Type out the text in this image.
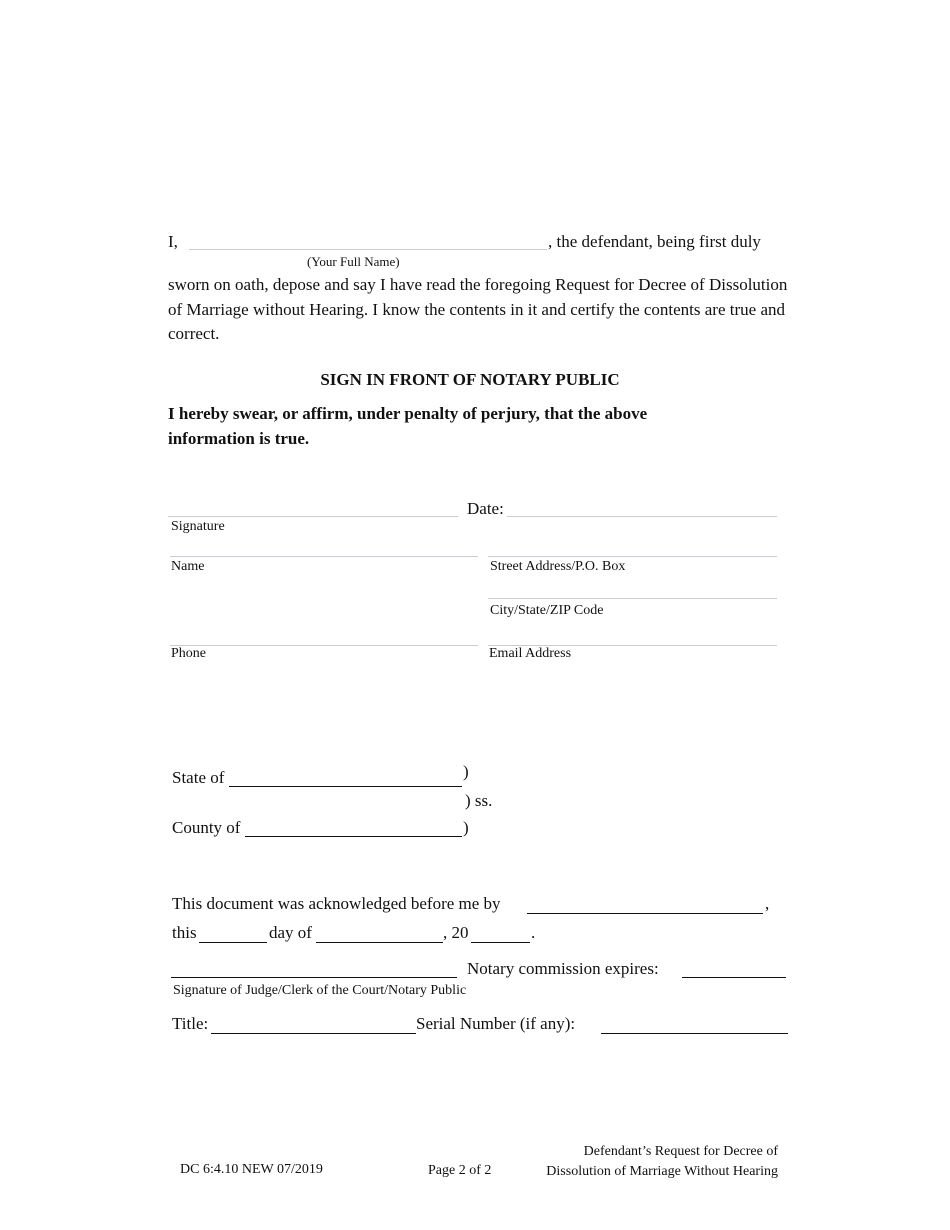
I,	, the defendant, being first duly
(Your Full Name)
sworn on oath, depose and say I have read the foregoing Request for Decree of Dissolution of Marriage without Hearing. I know the contents in it and certify the contents are true and correct.
SIGN IN FRONT OF NOTARY PUBLIC
I hereby swear, or affirm, under penalty of perjury, that the above information is true.
Date:
Signature
Name	Street Address/P.O. Box
City/State/ZIP Code
Phone	Email Address
State of	)
) ss.
County of	)
This document was acknowledged before me by	,
this	day of	, 20	.
Notary commission expires:
Signature of Judge/Clerk of the Court/Notary Public
Title:	Serial Number (if any):
DC 6:4.10 NEW 07/2019	Page 2 of 2
Defendant’s Request for Decree of
Dissolution of Marriage Without Hearing
